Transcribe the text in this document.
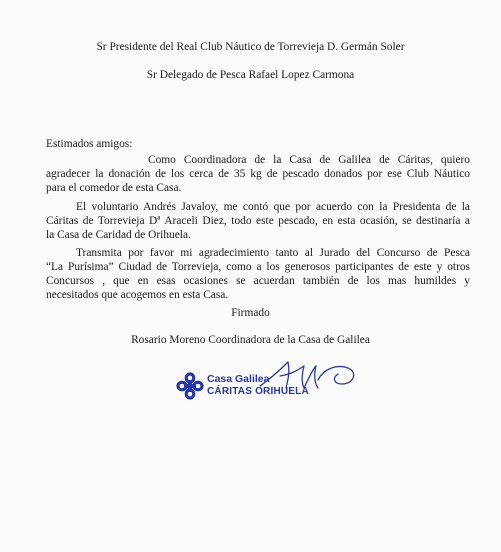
Sr Presidente del Real Club Náutico de Torrevieja D. Germán Soler
Sr Delegado de Pesca Rafael Lopez Carmona
Estimados amigos:
Como Coordinadora de la Casa de Galilea de Cáritas, quiero
agradecer la donación de los cerca de 35 kg de pescado donados por ese Club Náutico
para el comedor de esta Casa.
El voluntario Andrés Javaloy, me contó que por acuerdo con la Presidenta de la
Cáritas de Torrevieja Dª Araceli Diez, todo este pescado, en esta ocasión, se destinaría a
la Casa de Caridad de Orihuela.
Transmita por favor mi agradecimiento tanto al Jurado del Concurso de Pesca
“La Purísima” Ciudad de Torrevieja, como a los generosos participantes de este y otros
Concursos , que en esas ocasiones se acuerdan también de los mas humildes y
necesitados que acogemos en esta Casa.
Firmado
Rosario Moreno Coordinadora de la Casa de Galilea
Casa Galilea
CÁRITAS ORIHUELA
